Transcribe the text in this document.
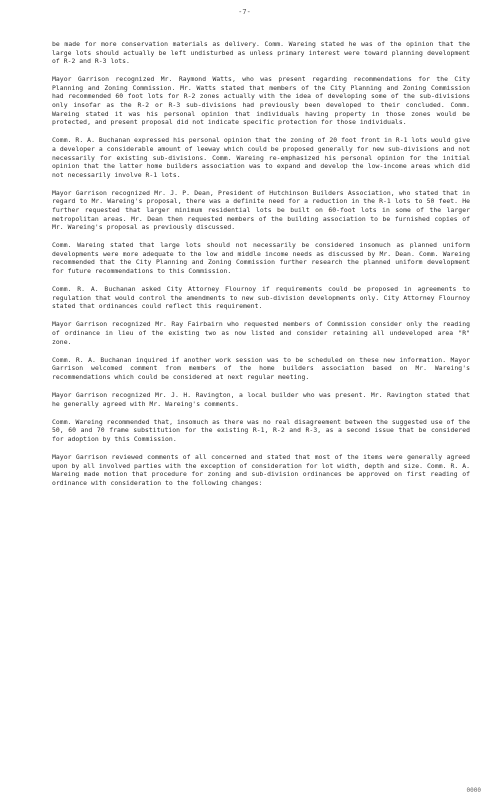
-7-

be made for more conservation materials as delivery. Comm. Wareing stated he was of the opinion that the large lots should actually be left undisturbed as unless primary interest were toward planning development of R-2 and R-3 lots.

Mayor Garrison recognized Mr. Raymond Watts, who was present regarding recommendations for the City Planning and Zoning Commission. Mr. Watts stated that members of the City Planning and Zoning Commission had recommended 60 foot lots for R-2 zones actually with the idea of developing some of the sub-divisions only insofar as the R-2 or R-3 sub-divisions had previously been developed to their concluded. Comm. Wareing stated it was his personal opinion that individuals having property in those zones would be protected, and present proposal did not indicate specific protection for those individuals.

Comm. R. A. Buchanan expressed his personal opinion that the zoning of 20 foot front in R-1 lots would give a developer a considerable amount of leeway which could be proposed generally for new sub-divisions and not necessarily for existing sub-divisions. Comm. Wareing re-emphasized his personal opinion for the initial opinion that the latter home builders association was to expand and develop the low-income areas which did not necessarily involve R-1 lots.

Mayor Garrison recognized Mr. J. P. Dean, President of Hutchinson Builders Association, who stated that in regard to Mr. Wareing's proposal, there was a definite need for a reduction in the R-1 lots to 50 feet. He further requested that larger minimum residential lots be built on 60-foot lots in some of the larger metropolitan areas. Mr. Dean then requested members of the building association to be furnished copies of Mr. Wareing's proposal as previously discussed.

Comm. Wareing stated that large lots should not necessarily be considered insomuch as planned uniform developments were more adequate to the low and middle income needs as discussed by Mr. Dean. Comm. Wareing recommended that the City Planning and Zoning Commission further research the planned uniform development for future recommendations to this Commission.

Comm. R. A. Buchanan asked City Attorney Flournoy if requirements could be proposed in agreements to regulation that would control the amendments to new sub-division developments only. City Attorney Flournoy stated that ordinances could reflect this requirement.

Mayor Garrison recognized Mr. Ray Fairbairn who requested members of Commission consider only the reading of ordinance in lieu of the existing two as now listed and consider retaining all undeveloped area "R" zone.

Comm. R. A. Buchanan inquired if another work session was to be scheduled on these new information. Mayor Garrison welcomed comment from members of the home builders association based on Mr. Wareing's recommendations which could be considered at next regular meeting.

Mayor Garrison recognized Mr. J. H. Ravington, a local builder who was present. Mr. Ravington stated that he generally agreed with Mr. Wareing's comments.

Comm. Wareing recommended that, insomuch as there was no real disagreement between the suggested use of the 50, 60 and 70 frame substitution for the existing R-1, R-2 and R-3, as a second issue that be considered for adoption by this Commission.

Mayor Garrison reviewed comments of all concerned and stated that most of the items were generally agreed upon by all involved parties with the exception of consideration for lot width, depth and size. Comm. R. A. Wareing made motion that procedure for zoning and sub-division ordinances be approved on first reading of ordinance with consideration to the following changes:

0000
